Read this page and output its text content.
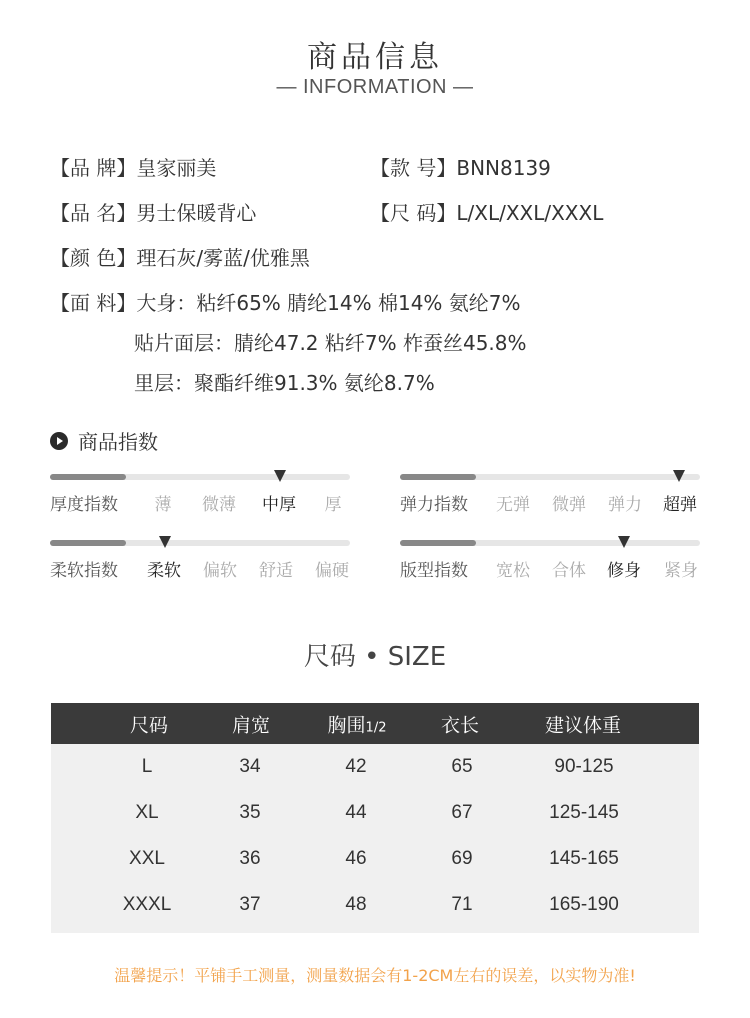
商品信息
— INFORMATION —
【品 牌】皇家丽美	【款 号】BNN8139
【品 名】男士保暖背心	【尺 码】L/XL/XXL/XXXL
【颜 色】理石灰/雾蓝/优雅黑
【面 料】大身：粘纤65% 腈纶14% 棉14% 氨纶7%
贴片面层：腈纶47.2 粘纤7% 柞蚕丝45.8%
里层：聚酯纤维91.3% 氨纶8.7%
商品指数
厚度指数 薄 微薄 中厚 厚	弹力指数 无弹 微弹 弹力 超弹
柔软指数 柔软 偏软 舒适 偏硬	版型指数 宽松 合体 修身 紧身
尺码 • SIZE
尺码	肩宽	胸围1/2	衣长	建议体重
L	34	42	65	90-125
XL	35	44	67	125-145
XXL	36	46	69	145-165
XXXL	37	48	71	165-190
温馨提示！平铺手工测量，测量数据会有1-2CM左右的误差，以实物为准!
